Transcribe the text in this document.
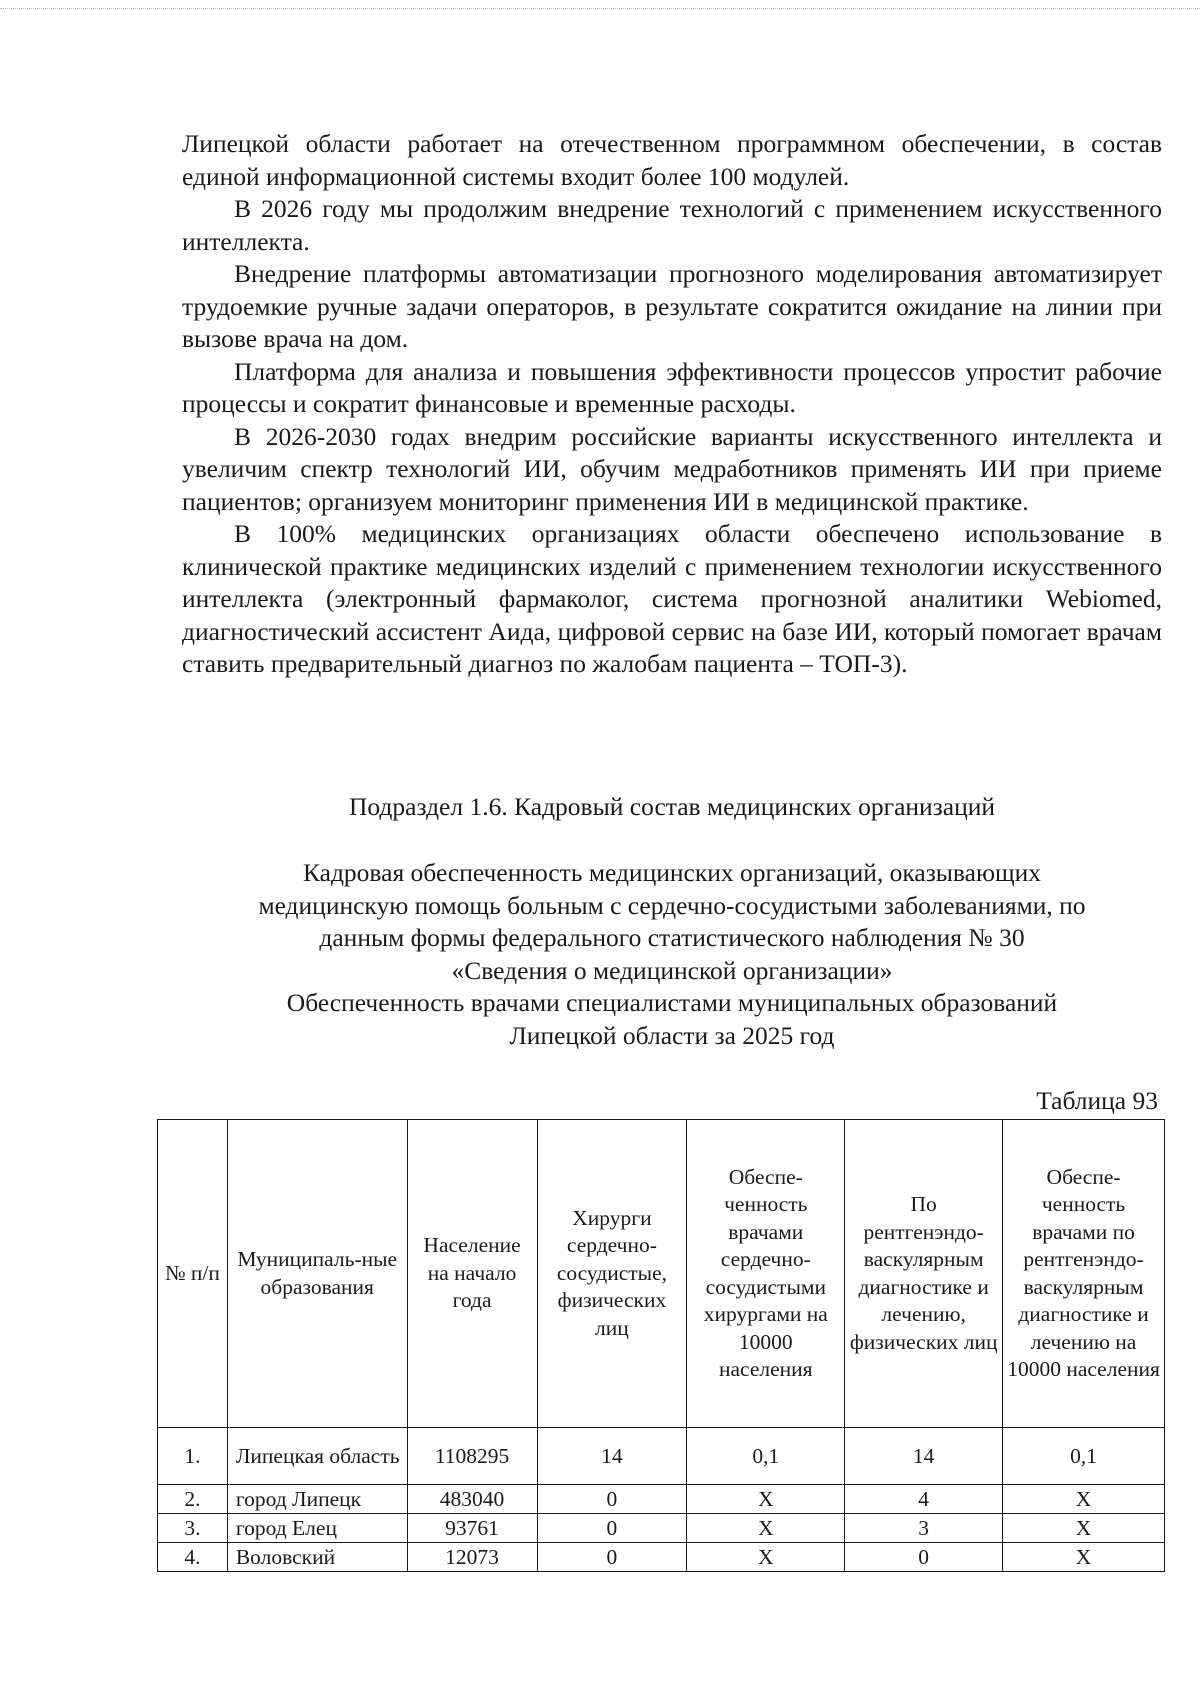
Липецкой области работает на отечественном программном обеспечении, в состав единой информационной системы входит более 100 модулей.

В 2026 году мы продолжим внедрение технологий с применением искусственного интеллекта.

Внедрение платформы автоматизации прогнозного моделирования автоматизирует трудоемкие ручные задачи операторов, в результате сократится ожидание на линии при вызове врача на дом.

Платформа для анализа и повышения эффективности процессов упростит рабочие процессы и сократит финансовые и временные расходы.

В 2026-2030 годах внедрим российские варианты искусственного интеллекта и увеличим спектр технологий ИИ, обучим медработников применять ИИ при приеме пациентов; организуем мониторинг применения ИИ в медицинской практике.

В 100% медицинских организациях области обеспечено использование в клинической практике медицинских изделий с применением технологии искусственного интеллекта (электронный фармаколог, система прогнозной аналитики Webiomed, диагностический ассистент Аида, цифровой сервис на базе ИИ, который помогает врачам ставить предварительный диагноз по жалобам пациента – ТОП-3).

Подраздел 1.6. Кадровый состав медицинских организаций
Кадровая обеспеченность медицинских организаций, оказывающих
медицинскую помощь больным с сердечно-сосудистыми заболеваниями, по
данным формы федерального статистического наблюдения № 30
«Сведения о медицинской организации»
Обеспеченность врачами специалистами муниципальных образований
Липецкой области за 2025 год
Таблица 93
№ п/п	Муниципаль-ные образования	Население на начало года	Хирурги сердечно-сосудистые, физических лиц	Обеспе-ченность врачами сердечно-сосудистыми хирургами на 10000 населения	По рентгенэндо-васкулярным диагностике и лечению, физических лиц	Обеспе-ченность врачами по рентгенэндо-васкулярным диагностике и лечению на 10000 населения
1.	Липецкая область	1108295	14	0,1	14	0,1
2.	город Липецк	483040	0	Х	4	Х
3.	город Елец	93761	0	Х	3	Х
4.	Воловский	12073	0	Х	0	Х
